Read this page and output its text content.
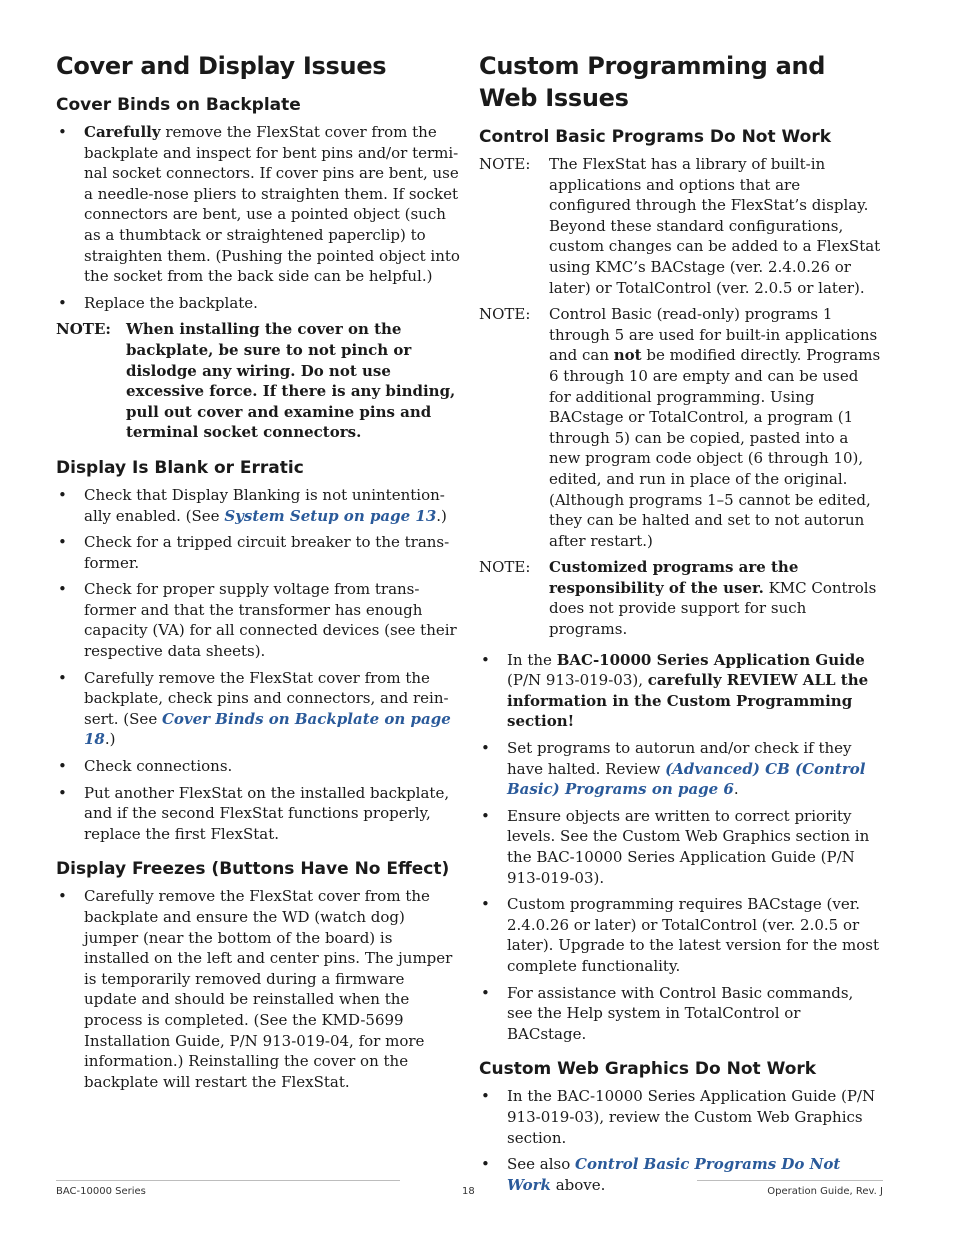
Cover and Display Issues
Cover Binds on Backplate
• Carefully remove the FlexStat cover from the backplate and inspect for bent pins and/or terminal socket connectors. If cover pins are bent, use a needle-nose pliers to straighten them. If socket connectors are bent, use a pointed object (such as a thumbtack or straightened paperclip) to straighten them. (Pushing the pointed object into the socket from the back side can be helpful.)
• Replace the backplate.
NOTE:	When installing the cover on the backplate, be sure to not pinch or dislodge any wiring. Do not use excessive force. If there is any binding, pull out cover and examine pins and terminal socket connectors.
Display Is Blank or Erratic
• Check that Display Blanking is not unintentionally enabled. (See System Setup on page 13.)
• Check for a tripped circuit breaker to the transformer.
• Check for proper supply voltage from transformer and that the transformer has enough capacity (VA) for all connected devices (see their respective data sheets).
• Carefully remove the FlexStat cover from the backplate, check pins and connectors, and reinsert. (See Cover Binds on Backplate on page 18.)
• Check connections.
• Put another FlexStat on the installed backplate, and if the second FlexStat functions properly, replace the first FlexStat.
Display Freezes (Buttons Have No Effect)
• Carefully remove the FlexStat cover from the backplate and ensure the WD (watch dog) jumper (near the bottom of the board) is installed on the left and center pins. The jumper is temporarily removed during a firmware update and should be reinstalled when the process is completed. (See the KMD-5699 Installation Guide, P/N 913-019-04, for more information.) Reinstalling the cover on the backplate will restart the FlexStat.
Custom Programming and Web Issues
Control Basic Programs Do Not Work
NOTE:	The FlexStat has a library of built-in applications and options that are configured through the FlexStat’s display. Beyond these standard configurations, custom changes can be added to a FlexStat using KMC’s BACstage (ver. 2.4.0.26 or later) or TotalControl (ver. 2.0.5 or later).
NOTE:	Control Basic (read-only) programs 1 through 5 are used for built-in applications and can not be modified directly. Programs 6 through 10 are empty and can be used for additional programming. Using BACstage or TotalControl, a program (1 through 5) can be copied, pasted into a new program code object (6 through 10), edited, and run in place of the original. (Although programs 1–5 cannot be edited, they can be halted and set to not autorun after restart.)
NOTE:	Customized programs are the responsibility of the user. KMC Controls does not provide support for such programs.
• In the BAC-10000 Series Application Guide (P/N 913-019-03), carefully REVIEW ALL the information in the Custom Programming section!
• Set programs to autorun and/or check if they have halted. Review (Advanced) CB (Control Basic) Programs on page 6.
• Ensure objects are written to correct priority levels. See the Custom Web Graphics section in the BAC-10000 Series Application Guide (P/N 913-019-03).
• Custom programming requires BACstage (ver. 2.4.0.26 or later) or TotalControl (ver. 2.0.5 or later). Upgrade to the latest version for the most complete functionality.
• For assistance with Control Basic commands, see the Help system in TotalControl or BACstage.
Custom Web Graphics Do Not Work
• In the BAC-10000 Series Application Guide (P/N 913-019-03), review the Custom Web Graphics section.
• See also Control Basic Programs Do Not Work above.
BAC-10000 Series	18	Operation Guide, Rev. J
